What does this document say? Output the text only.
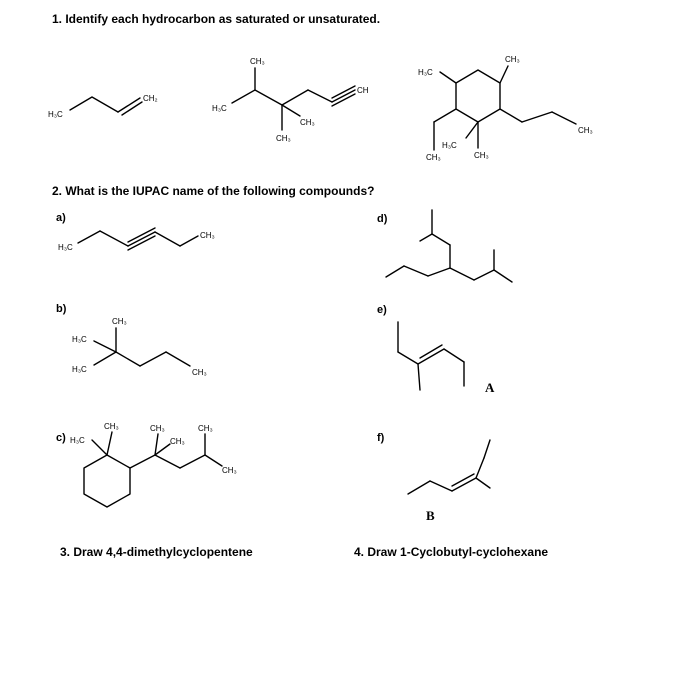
1. Identify each hydrocarbon as saturated or unsaturated.
2. What is the IUPAC name of the following compounds?
a)	d)
b)	e)
c)	f)
A
B
3. Draw 4,4-dimethylcyclopentene	4. Draw 1-Cyclobutyl-cyclohexane
H₃C
CH₂
CH₃
H₃C
CH₃
CH₃
CH
H₃C
CH₃
CH₃
H₃C
CH₃
CH₃
H₃C
CH₃
CH₃
H₃C
H₃C	CH₃
H₃C
CH₃	CH₃
CH₃
CH₃
CH₃
